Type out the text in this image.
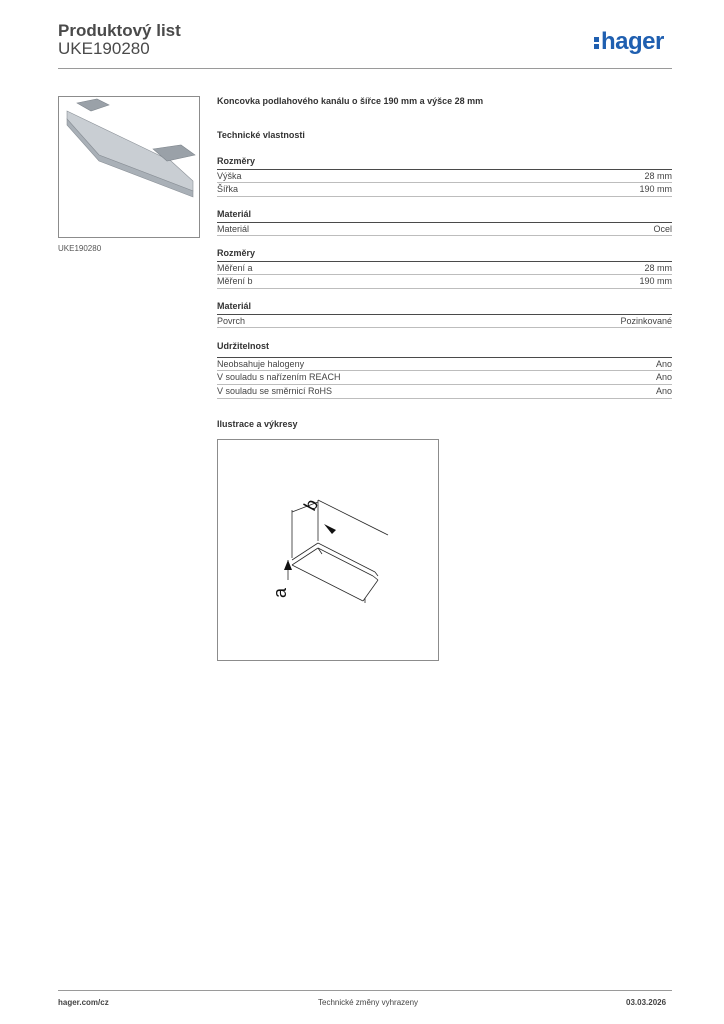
Produktový list
UKE190280	hager
UKE190280
Koncovka podlahového kanálu o šířce 190 mm a výšce 28 mm
Technické vlastnosti
Rozměry
Výška	28 mm
Šířka	190 mm
Materiál
Materiál	Ocel
Rozměry
Měření a	28 mm
Měření b	190 mm
Materiál
Povrch	Pozinkované
Udržitelnost
Neobsahuje halogeny	Ano
V souladu s nařízením REACH	Ano
V souladu se směrnicí RoHS	Ano
Ilustrace a výkresy
b
a
hager.com/cz	Technické změny vyhrazeny	03.03.2026
